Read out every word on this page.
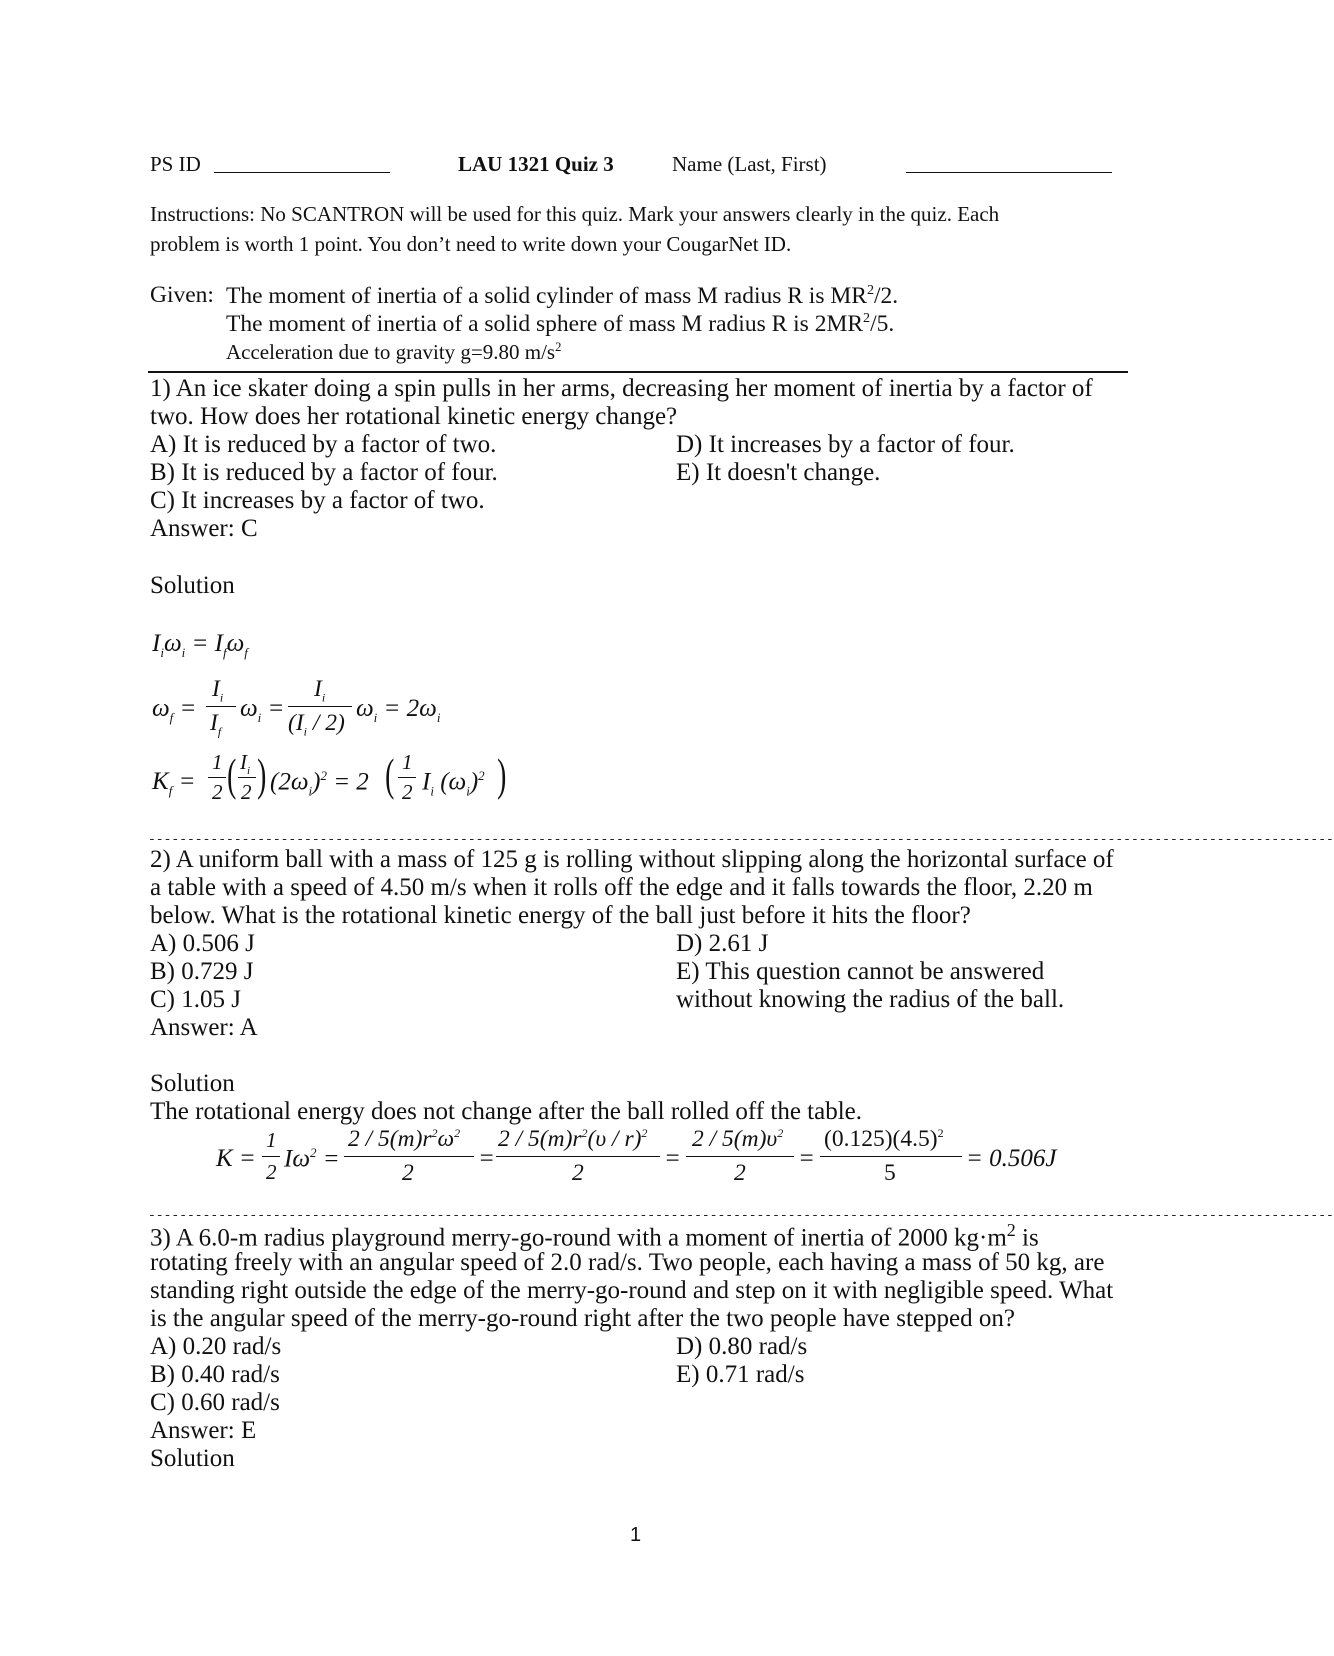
PS ID	LAU 1321 Quiz 3	Name (Last, First)
Instructions: No SCANTRON will be used for this quiz. Mark your answers clearly in the quiz. Each
problem is worth 1 point. You don’t need to write down your CougarNet ID.
Given: The moment of inertia of a solid cylinder of mass M radius R is $MR^2/2$.
The moment of inertia of a solid sphere of mass M radius R is $2MR^2/5$.
Acceleration due to gravity g=9.80 $m/s^2$
1) An ice skater doing a spin pulls in her arms, decreasing her moment of inertia by a factor of
two. How does her rotational kinetic energy change?
A) It is reduced by a factor of two.
B) It is reduced by a factor of four.
C) It increases by a factor of two.
D) It increases by a factor of four.
E) It doesn't change.
Answer: C
Solution
$I_i\omega_i = I_f\omega_f$
$\omega_f$ =
$I_i$
$I_f$
$\omega_i$ =
$I_i$
$(I_i / 2)$
$\omega_i = 2\omega_i$
$K_f$ =
1
2 ( $I_i$
2 ) $(2\omega_i)^2 = 2$ ( 1
2 $I_i$ $(\omega_i)^2$ )
--------------------------------------------------------------------------------------------------------------------------------------------------------
2) A uniform ball with a mass of 125 g is rolling without slipping along the horizontal surface of
a table with a speed of 4.50 m/s when it rolls off the edge and it falls towards the floor, 2.20 m
below. What is the rotational kinetic energy of the ball just before it hits the floor?
A) 0.506 J
B) 0.729 J
C) 1.05 J
D) 2.61 J
E) This question cannot be answered
without knowing the radius of the ball.
Answer: A
Solution
The rotational energy does not change after the ball rolled off the table.
K =
1
2 $I\omega^2$ =
$2 / 5(m)r^2\omega^2$
2
=
$2 / 5(m)r^2(\upsilon / r)^2$
2
=
$2 / 5(m)\upsilon^2$
2
=
$(0.125)(4.5)^2$
5
= 0.506J
--------------------------------------------------------------------------------------------------------------------------------------------------------
3) A 6.0-m radius playground merry-go-round with a moment of inertia of 2000 $kg\cdot m^2$ is
rotating freely with an angular speed of 2.0 rad/s. Two people, each having a mass of 50 kg, are
standing right outside the edge of the merry-go-round and step on it with negligible speed. What
is the angular speed of the merry-go-round right after the two people have stepped on?
A) 0.20 rad/s
B) 0.40 rad/s
C) 0.60 rad/s
D) 0.80 rad/s
E) 0.71 rad/s
Answer: E
Solution
1
